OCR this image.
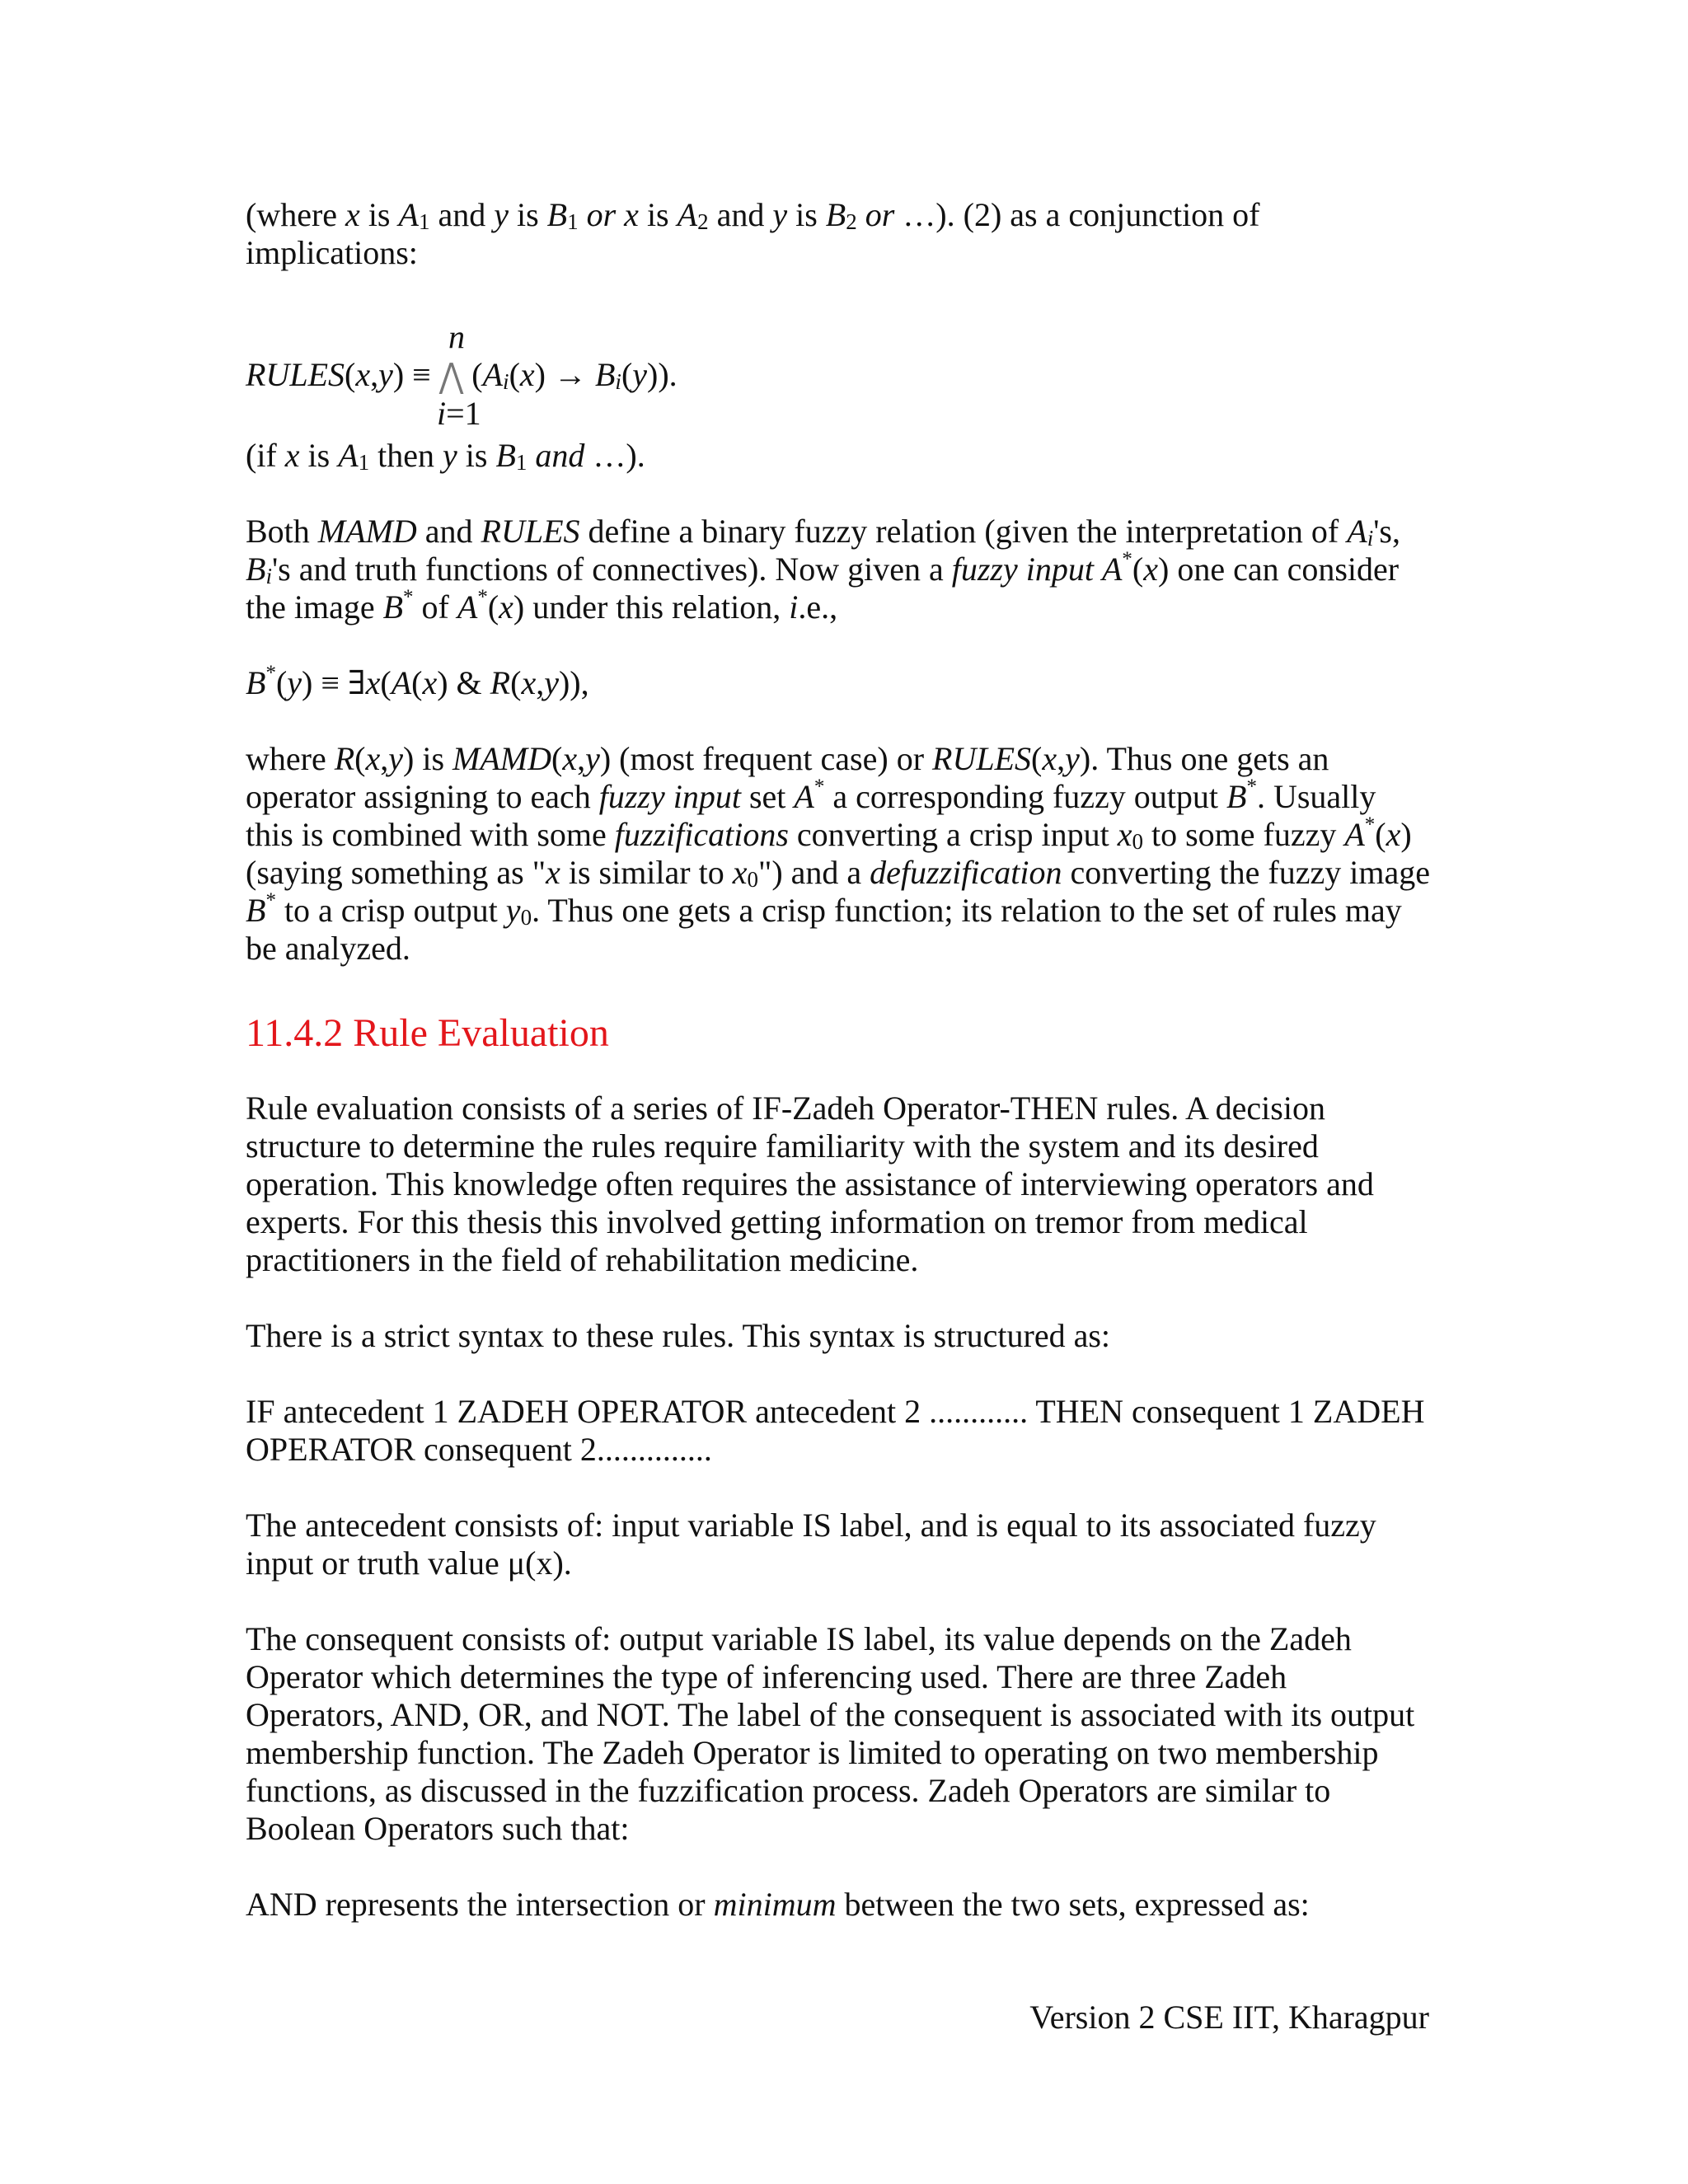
(where x is $A_1$ and y is $B_1$ or x is $A_2$ and y is $B_2$ or …). (2) as a conjunction of
implications:
n
RULES(x,y) ≡ ⋀ $(A_i(x) \to B_i(y))$.
i=1
(if x is $A_1$ then y is $B_1$ and …).
Both MAMD and RULES define a binary fuzzy relation (given the interpretation of $A_i's$,
$B_i's$ and truth functions of connectives). Now given a fuzzy input A*(x) one can consider
the image B* of A*(x) under this relation, i.e.,
B*(y) ≡ ∃x(A(x) & R(x,y)),
where R(x,y) is MAMD(x,y) (most frequent case) or RULES(x,y). Thus one gets an
operator assigning to each fuzzy input set A* a corresponding fuzzy output B*. Usually
this is combined with some fuzzifications converting a crisp input $x_0$ to some fuzzy A*(x)
(saying something as "x is similar to $x_0$") and a defuzzification converting the fuzzy image
B* to a crisp output $y_0$. Thus one gets a crisp function; its relation to the set of rules may
be analyzed.
11.4.2 Rule Evaluation
Rule evaluation consists of a series of IF-Zadeh Operator-THEN rules. A decision
structure to determine the rules require familiarity with the system and its desired
operation. This knowledge often requires the assistance of interviewing operators and
experts. For this thesis this involved getting information on tremor from medical
practitioners in the field of rehabilitation medicine.
There is a strict syntax to these rules. This syntax is structured as:
IF antecedent 1 ZADEH OPERATOR antecedent 2 ............ THEN consequent 1 ZADEH
OPERATOR consequent 2..............
The antecedent consists of: input variable IS label, and is equal to its associated fuzzy
input or truth value μ(x).
The consequent consists of: output variable IS label, its value depends on the Zadeh
Operator which determines the type of inferencing used. There are three Zadeh
Operators, AND, OR, and NOT. The label of the consequent is associated with its output
membership function. The Zadeh Operator is limited to operating on two membership
functions, as discussed in the fuzzification process. Zadeh Operators are similar to
Boolean Operators such that:
AND represents the intersection or minimum between the two sets, expressed as:
Version 2 CSE IIT, Kharagpur
